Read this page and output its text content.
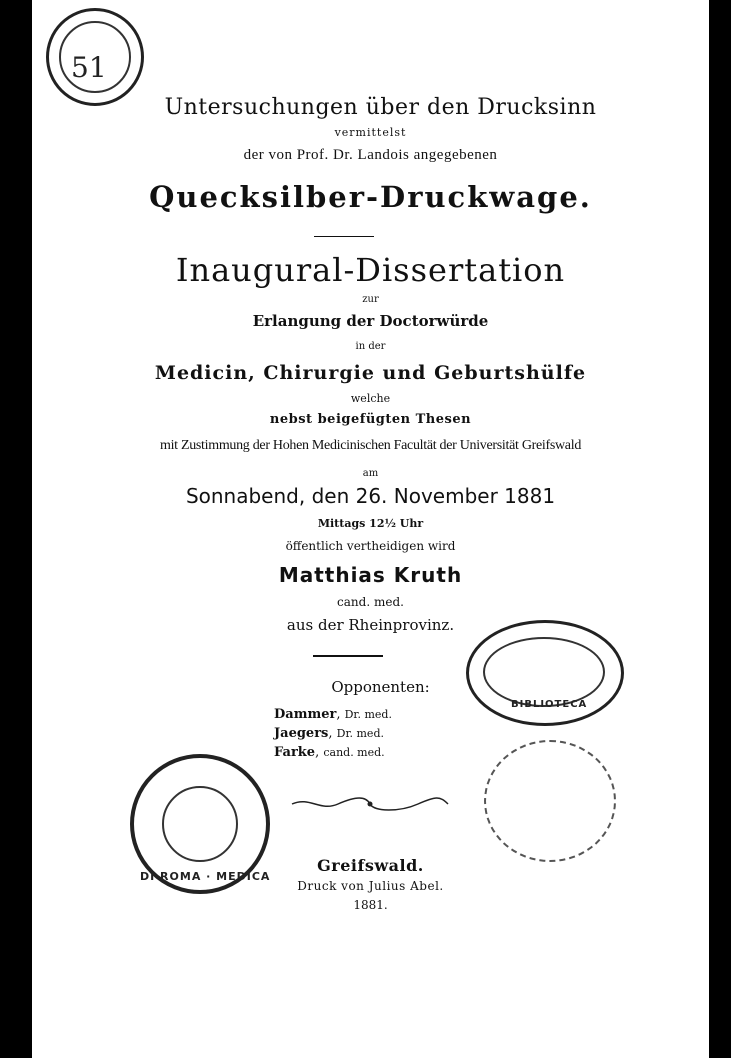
51
Untersuchungen über den Drucksinn
vermittelst
der von Prof. Dr. Landois angegebenen
Quecksilber-Druckwage.
Inaugural-Dissertation
zur
Erlangung der Doctorwürde
in der
Medicin, Chirurgie und Geburtshülfe
welche
nebst beigefügten Thesen
mit Zustimmung der Hohen Medicinischen Facultät der Universität Greifswald
am
Sonnabend, den 26. November 1881
Mittags 12½ Uhr
öffentlich vertheidigen wird
Matthias Kruth
cand. med.
aus der Rheinprovinz.
Opponenten:
Dammer, Dr. med.
Jaegers, Dr. med.
Farke, cand. med.
DI ROMA · MEDICA
BIBLIOTECA
Greifswald.
Druck von Julius Abel.
1881.
